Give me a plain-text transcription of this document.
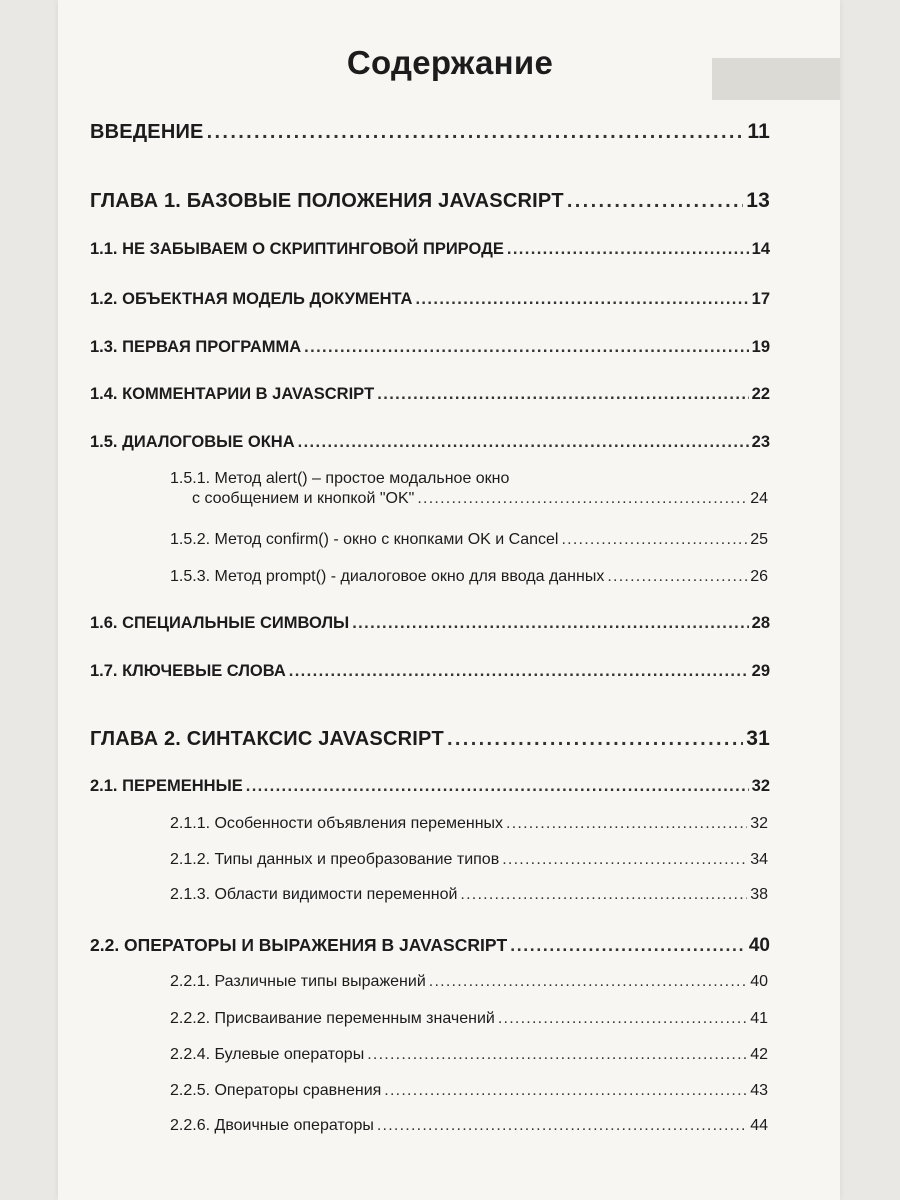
Содержание
ВВЕДЕНИЕ . . .	11
ГЛАВА 1. БАЗОВЫЕ ПОЛОЖЕНИЯ JAVASCRIPT . . .	13
1.1. НЕ ЗАБЫВАЕМ О СКРИПТИНГОВОЙ ПРИРОДЕ . . .	14
1.2. ОБЪЕКТНАЯ МОДЕЛЬ ДОКУМЕНТА . . .	17
1.3. ПЕРВАЯ ПРОГРАММА . . .	19
1.4. КОММЕНТАРИИ В JAVASCRIPT . . .	22
1.5. ДИАЛОГОВЫЕ ОКНА . . .	23
1.5.1. Метод alert() – простое модальное окно
с сообщением и кнопкой "OK" . . .	24
1.5.2. Метод confirm() - окно с кнопками OK и Cancel . . .	25
1.5.3. Метод prompt() - диалоговое окно для ввода данных . . .	26
1.6. СПЕЦИАЛЬНЫЕ СИМВОЛЫ . . .	28
1.7. КЛЮЧЕВЫЕ СЛОВА . . .	29
ГЛАВА 2. СИНТАКСИС JAVASCRIPT . . .	31
2.1. ПЕРЕМЕННЫЕ . . .	32
2.1.1. Особенности объявления переменных . . .	32
2.1.2. Типы данных и преобразование типов . . .	34
2.1.3. Области видимости переменной . . .	38
2.2. ОПЕРАТОРЫ И ВЫРАЖЕНИЯ В JAVASCRIPT . . .	40
2.2.1. Различные типы выражений . . .	40
2.2.2. Присваивание переменным значений . . .	41
2.2.4. Булевые операторы . . .	42
2.2.5. Операторы сравнения . . .	43
2.2.6. Двоичные операторы . . .	44
